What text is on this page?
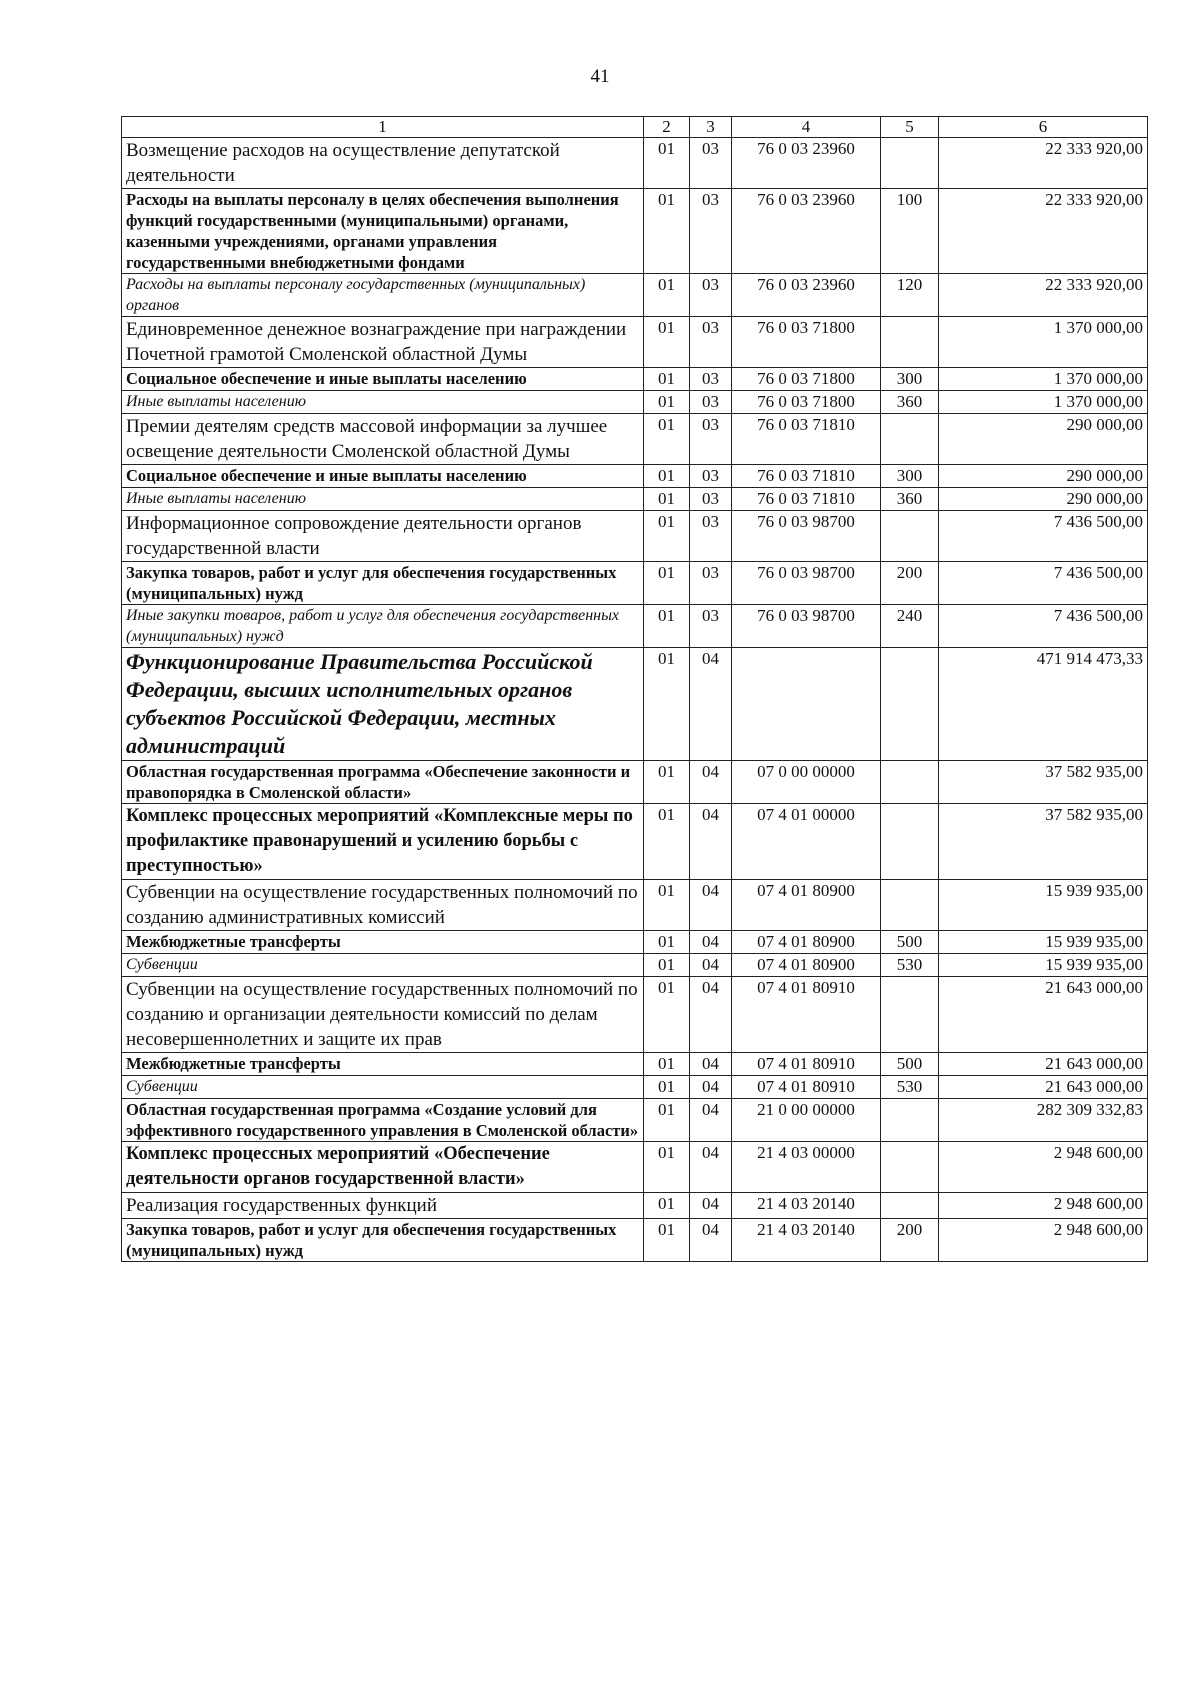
41
1	2	3	4	5	6
Возмещение расходов на осуществление депутатской деятельности	01	03	76 0 03 23960		22 333 920,00
Расходы на выплаты персоналу в целях обеспечения выполнения функций государственными (муниципальными) органами, казенными учреждениями, органами управления государственными внебюджетными фондами	01	03	76 0 03 23960	100	22 333 920,00
Расходы на выплаты персоналу государственных (муниципальных) органов	01	03	76 0 03 23960	120	22 333 920,00
Единовременное денежное вознаграждение при награждении Почетной грамотой Смоленской областной Думы	01	03	76 0 03 71800		1 370 000,00
Социальное обеспечение и иные выплаты населению	01	03	76 0 03 71800	300	1 370 000,00
Иные выплаты населению	01	03	76 0 03 71800	360	1 370 000,00
Премии деятелям средств массовой информации за лучшее освещение деятельности Смоленской областной Думы	01	03	76 0 03 71810		290 000,00
Социальное обеспечение и иные выплаты населению	01	03	76 0 03 71810	300	290 000,00
Иные выплаты населению	01	03	76 0 03 71810	360	290 000,00
Информационное сопровождение деятельности органов государственной власти	01	03	76 0 03 98700		7 436 500,00
Закупка товаров, работ и услуг для обеспечения государственных (муниципальных) нужд	01	03	76 0 03 98700	200	7 436 500,00
Иные закупки товаров, работ и услуг для обеспечения государственных (муниципальных) нужд	01	03	76 0 03 98700	240	7 436 500,00
Функционирование Правительства Российской Федерации, высших исполнительных органов субъектов Российской Федерации, местных администраций	01	04			471 914 473,33
Областная государственная программа «Обеспечение законности и правопорядка в Смоленской области»	01	04	07 0 00 00000		37 582 935,00
Комплекс процессных мероприятий «Комплексные меры по профилактике правонарушений и усилению борьбы с преступностью»	01	04	07 4 01 00000		37 582 935,00
Субвенции на осуществление государственных полномочий по созданию административных комиссий	01	04	07 4 01 80900		15 939 935,00
Межбюджетные трансферты	01	04	07 4 01 80900	500	15 939 935,00
Субвенции	01	04	07 4 01 80900	530	15 939 935,00
Субвенции на осуществление государственных полномочий по созданию и организации деятельности комиссий по делам несовершеннолетних и защите их прав	01	04	07 4 01 80910		21 643 000,00
Межбюджетные трансферты	01	04	07 4 01 80910	500	21 643 000,00
Субвенции	01	04	07 4 01 80910	530	21 643 000,00
Областная государственная программа «Создание условий для эффективного государственного управления в Смоленской области»	01	04	21 0 00 00000		282 309 332,83
Комплекс процессных мероприятий «Обеспечение деятельности органов государственной власти»	01	04	21 4 03 00000		2 948 600,00
Реализация государственных функций	01	04	21 4 03 20140		2 948 600,00
Закупка товаров, работ и услуг для обеспечения государственных (муниципальных) нужд	01	04	21 4 03 20140	200	2 948 600,00
